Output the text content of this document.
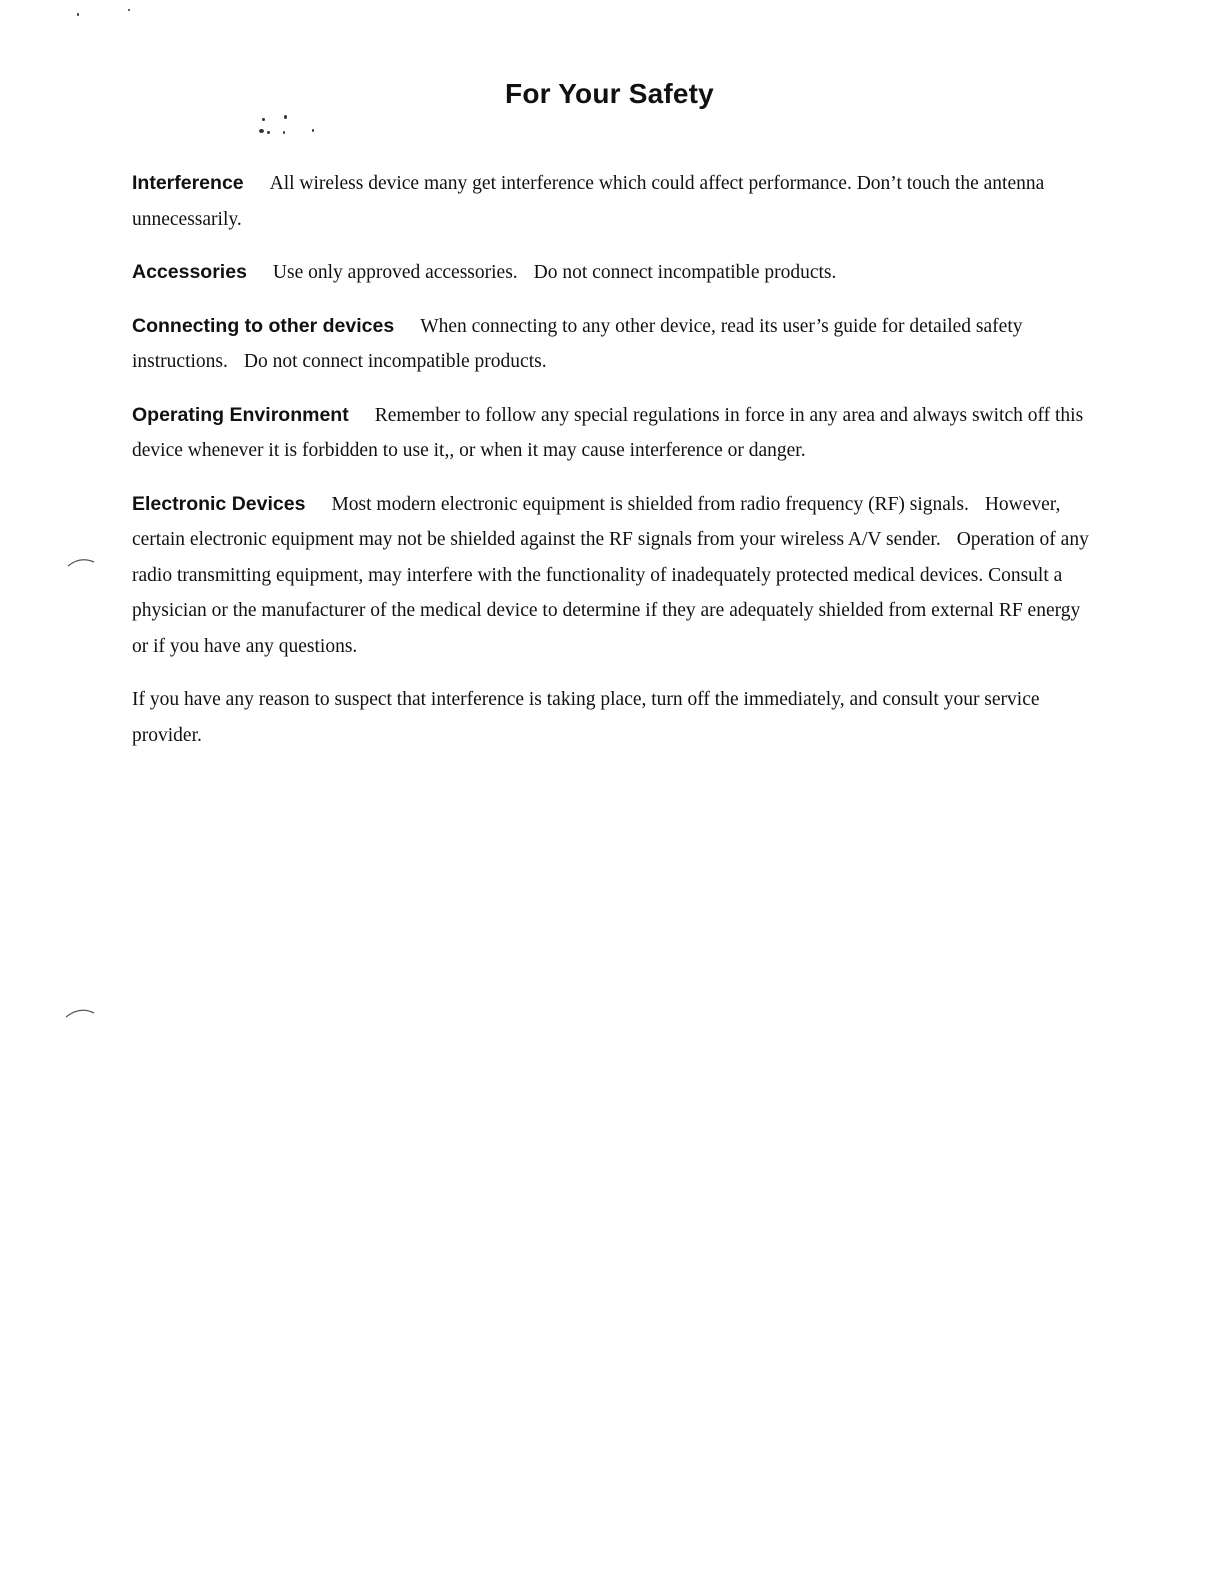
For Your Safety

Interference All wireless device many get interference which could affect performance. Don’t touch the antenna unnecessarily.

Accessories Use only approved accessories. Do not connect incompatible products.

Connecting to other devices When connecting to any other device, read its user’s guide for detailed safety instructions. Do not connect incompatible products.

Operating Environment Remember to follow any special regulations in force in any area and always switch off this device whenever it is forbidden to use it,, or when it may cause interference or danger.

Electronic Devices Most modern electronic equipment is shielded from radio frequency (RF) signals. However, certain electronic equipment may not be shielded against the RF signals from your wireless A/V sender. Operation of any radio transmitting equipment, may interfere with the functionality of inadequately protected medical devices. Consult a physician or the manufacturer of the medical device to determine if they are adequately shielded from external RF energy or if you have any questions.

If you have any reason to suspect that interference is taking place, turn off the immediately, and consult your service provider.
